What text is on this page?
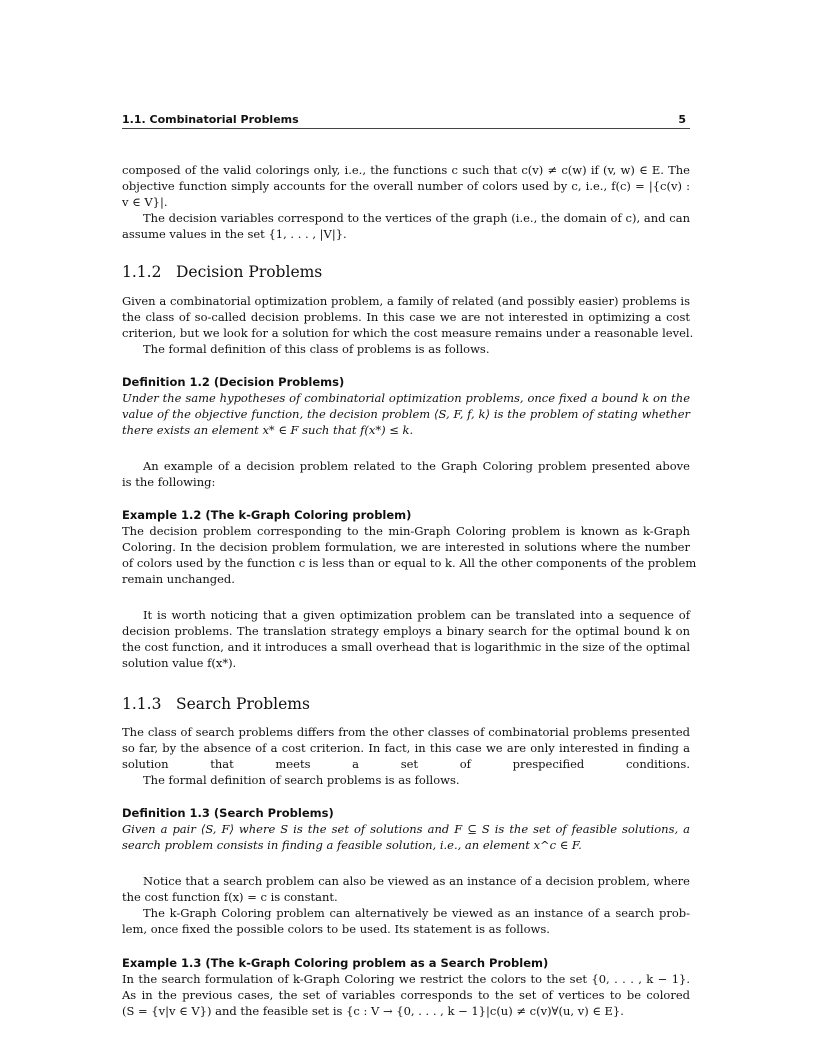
1.1. Combinatorial Problems	5
composed of the valid colorings only, i.e., the functions c such that c(v) ≠ c(w) if (v, w) ∈ E. The
objective function simply accounts for the overall number of colors used by c, i.e., f(c) = |{c(v) :
v ∈ V}|.
The decision variables correspond to the vertices of the graph (i.e., the domain of c), and can
assume values in the set {1, . . . , |V|}.
1.1.2 Decision Problems
Given a combinatorial optimization problem, a family of related (and possibly easier) problems is
the class of so-called decision problems. In this case we are not interested in optimizing a cost
criterion, but we look for a solution for which the cost measure remains under a reasonable level.
The formal definition of this class of problems is as follows.
Definition 1.2 (Decision Problems)
Under the same hypotheses of combinatorial optimization problems, once fixed a bound k on the
value of the objective function, the decision problem ⟨S, F, f, k⟩ is the problem of stating whether
there exists an element x* ∈ F such that f(x*) ≤ k.
An example of a decision problem related to the Graph Coloring problem presented above
is the following:
Example 1.2 (The k-Graph Coloring problem)
The decision problem corresponding to the min-Graph Coloring problem is known as k-Graph
Coloring. In the decision problem formulation, we are interested in solutions where the number
of colors used by the function c is less than or equal to k. All the other components of the problem
remain unchanged.
It is worth noticing that a given optimization problem can be translated into a sequence of
decision problems. The translation strategy employs a binary search for the optimal bound k on
the cost function, and it introduces a small overhead that is logarithmic in the size of the optimal
solution value f(x*).
1.1.3 Search Problems
The class of search problems differs from the other classes of combinatorial problems presented
so far, by the absence of a cost criterion. In fact, in this case we are only interested in finding a
solution that meets a set of prespecified conditions.
The formal definition of search problems is as follows.
Definition 1.3 (Search Problems)
Given a pair ⟨S, F⟩ where S is the set of solutions and F ⊆ S is the set of feasible solutions, a
search problem consists in finding a feasible solution, i.e., an element x^c ∈ F.
Notice that a search problem can also be viewed as an instance of a decision problem, where
the cost function f(x) = c is constant.
The k-Graph Coloring problem can alternatively be viewed as an instance of a search prob-
lem, once fixed the possible colors to be used. Its statement is as follows.
Example 1.3 (The k-Graph Coloring problem as a Search Problem)
In the search formulation of k-Graph Coloring we restrict the colors to the set {0, . . . , k − 1}.
As in the previous cases, the set of variables corresponds to the set of vertices to be colored
(S = {v|v ∈ V}) and the feasible set is {c : V → {0, . . . , k − 1}|c(u) ≠ c(v)∀(u, v) ∈ E}.
